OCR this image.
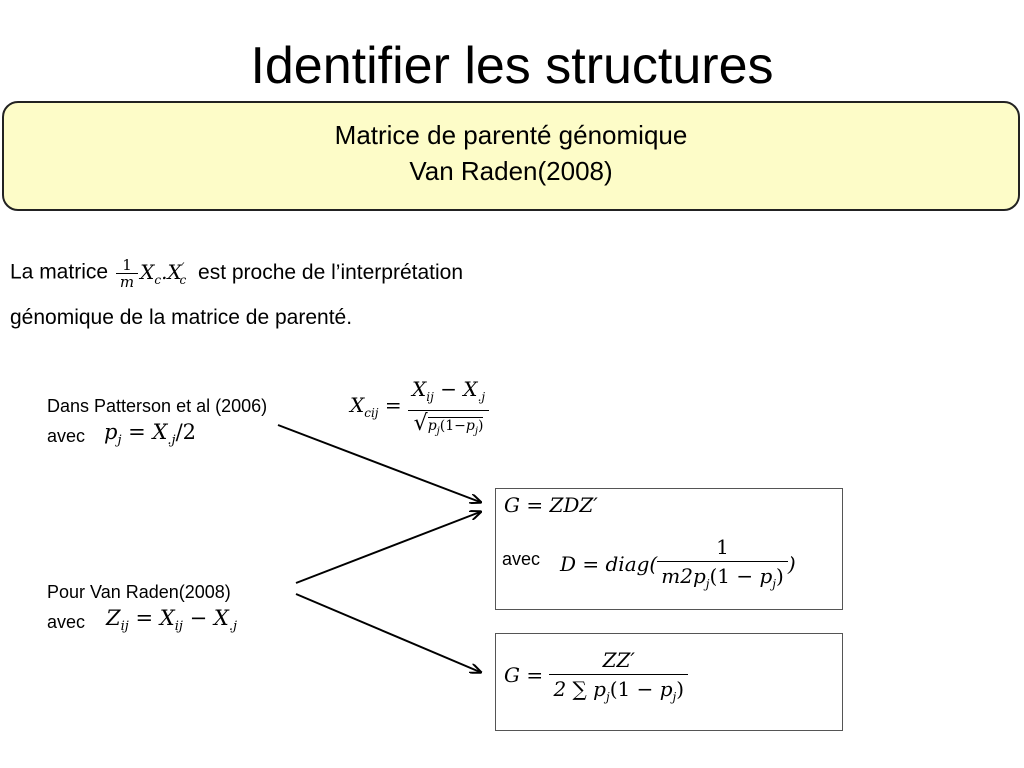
Identifier les structures
Matrice de parenté génomique
Van Raden(2008)
La matrice $\frac{1}{m} X_c.X'_c$ est proche de l’interprétation
génomique de la matrice de parenté.
Dans Patterson et al (2006)
avec $p_j = X_{.j}/2$
$X_{cij} = \frac{X_{ij} - X_{.j}}{√p_j(1-p_j)}$
Pour Van Raden(2008)
avec $Z_{ij} = X_{ij} - X_{.j}$
G = ZDZ′
avec D = diag( $\frac{1}{m2p_j(1 - p_j)}$ )
$G = \frac{ZZ'}{2 \sum p_j(1 - p_j)}$
